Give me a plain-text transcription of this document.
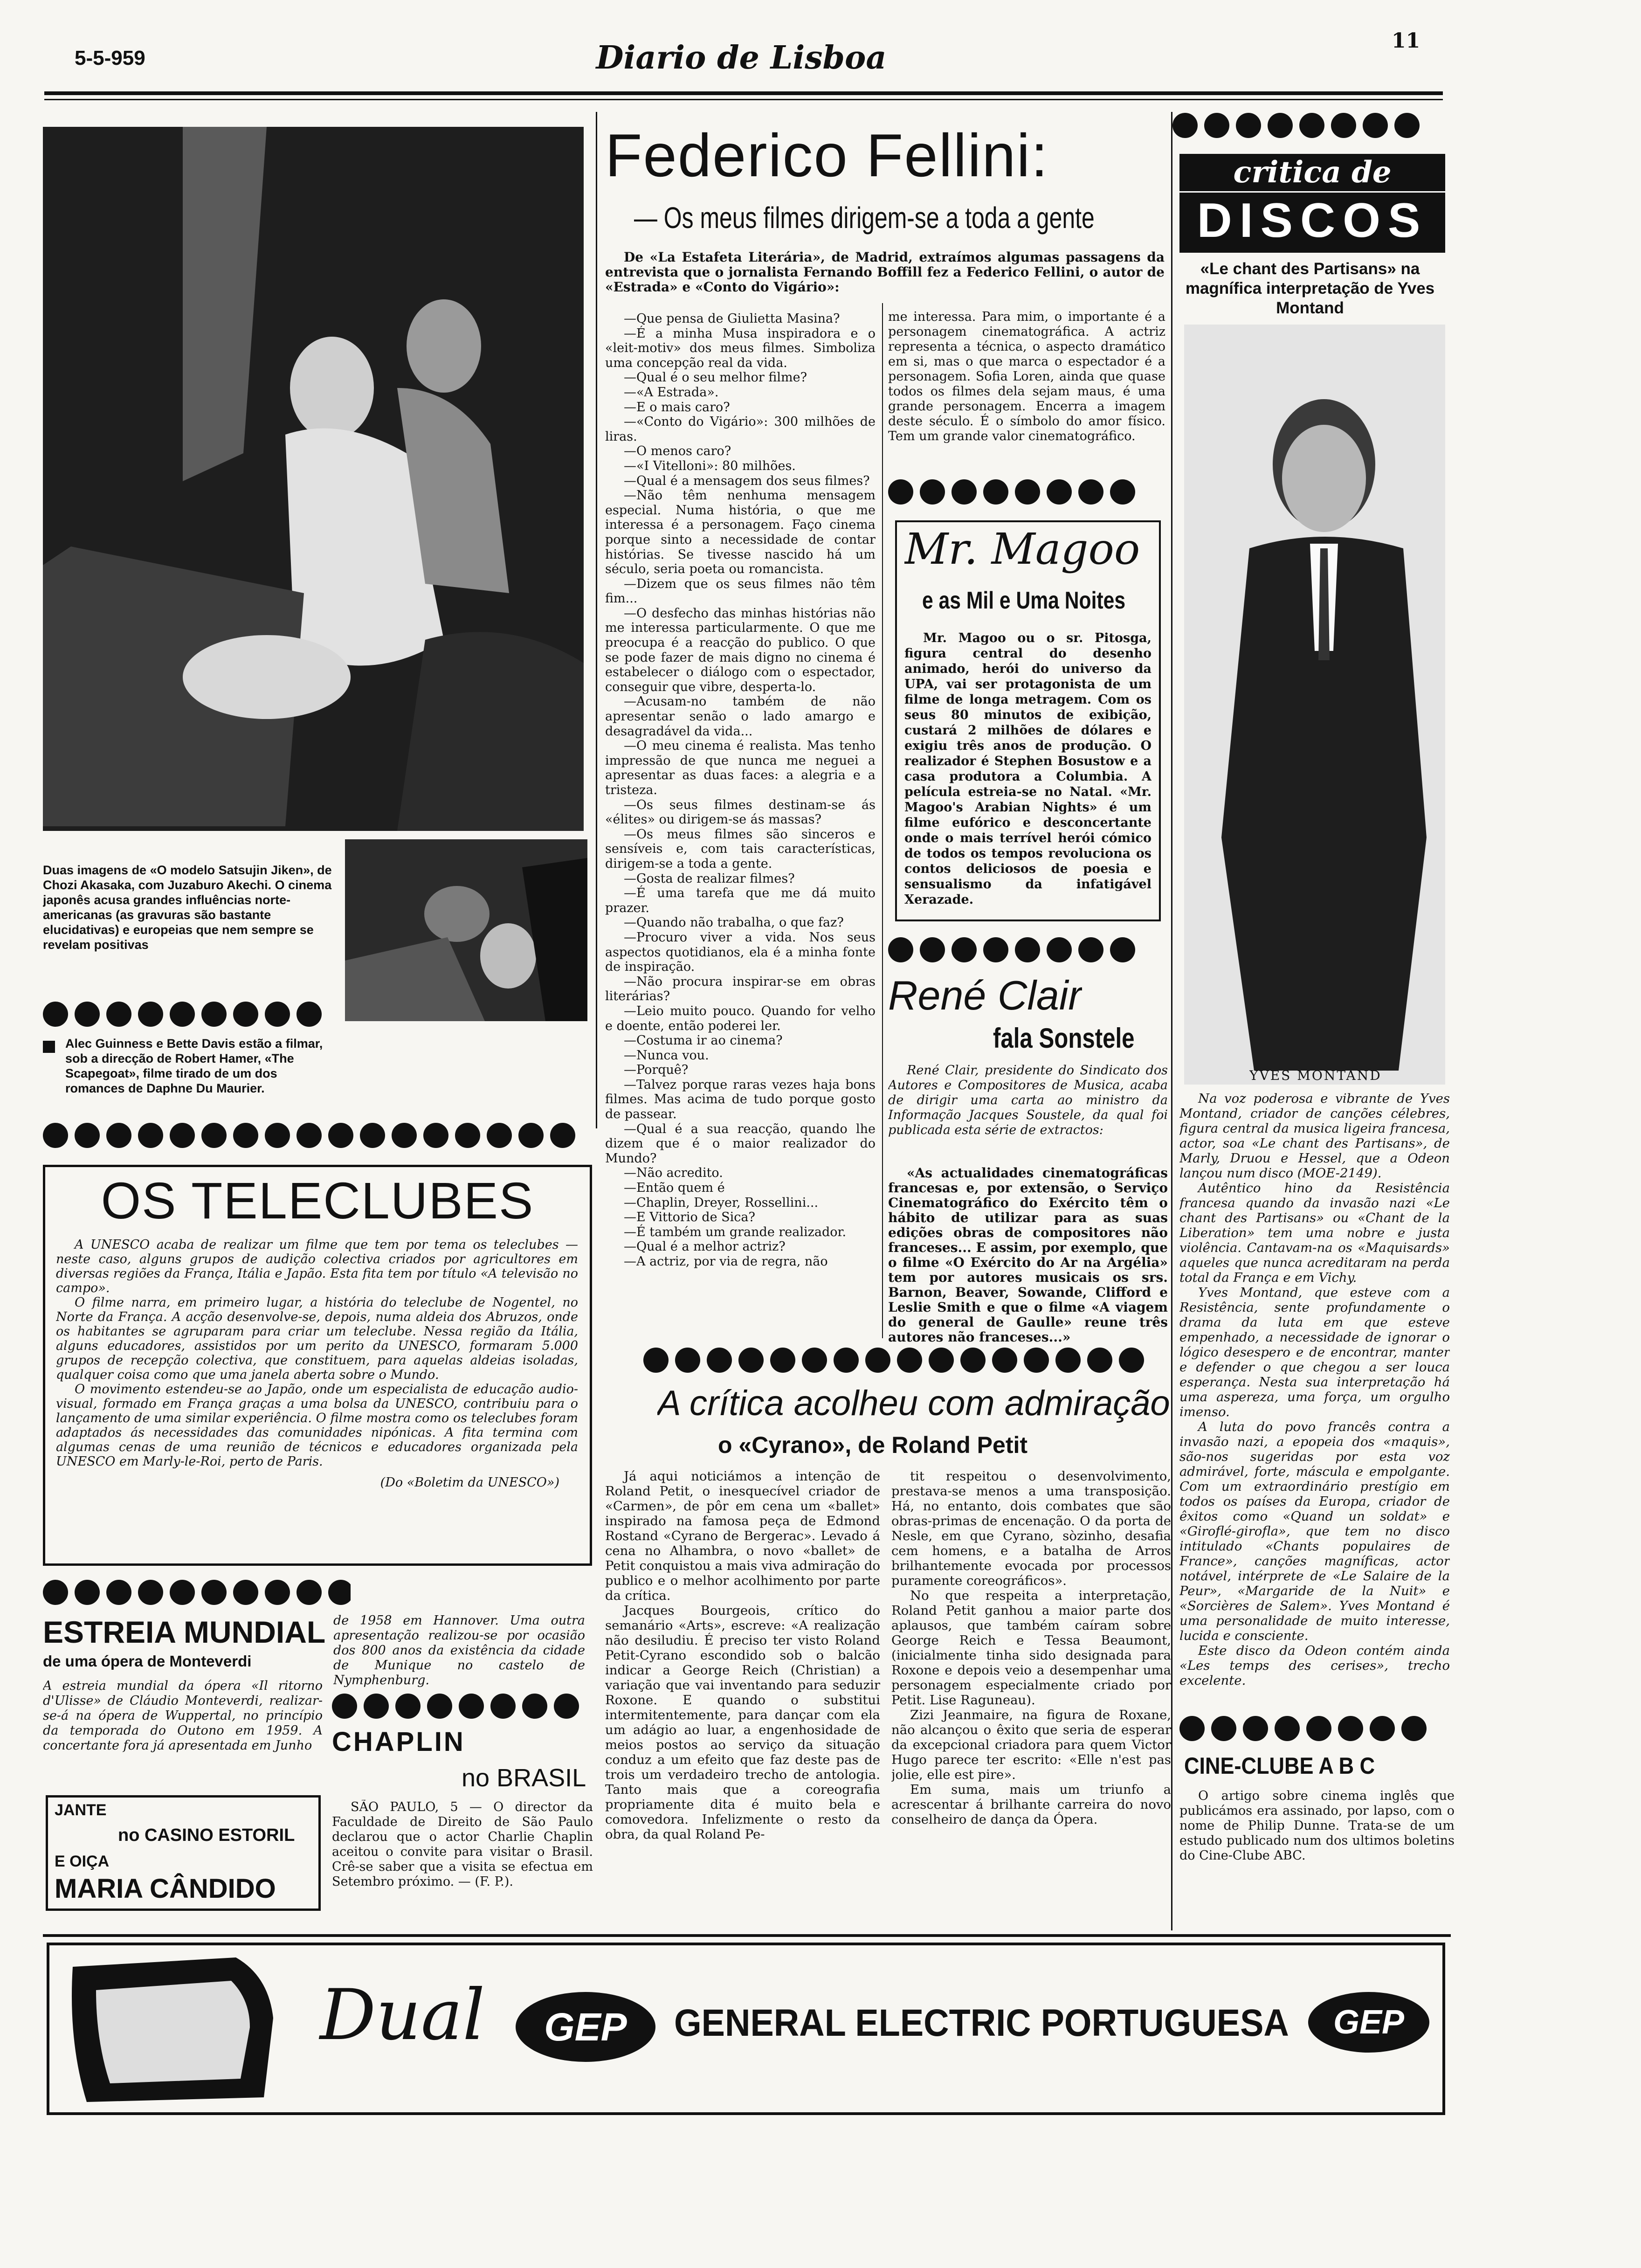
5-5-959	Diario de Lisboa	11
Duas imagens de «O modelo Satsujin Jiken», de Chozi Akasaka, com Juzaburo Akechi. O cinema japonês acusa grandes influências norte-americanas (as gravuras são bastante elucidativas) e europeias que nem sempre se revelam positivas
Alec Guinness e Bette Davis estão a filmar, sob a direcção de Robert Hamer, «The Scapegoat», filme tirado de um dos romances de Daphne Du Maurier.
OS TELECLUBES

A UNESCO acaba de realizar um filme que tem por tema os teleclubes — neste caso, alguns grupos de audição colectiva criados por agricultores em diversas regiões da França, Itália e Japão. Esta fita tem por título «A televisão no campo».

O filme narra, em primeiro lugar, a história do teleclube de Nogentel, no Norte da França. A acção desenvolve-se, depois, numa aldeia dos Abruzos, onde os habitantes se agruparam para criar um teleclube. Nessa região da Itália, alguns educadores, assistidos por um perito da UNESCO, formaram 5.000 grupos de recepção colectiva, que constituem, para aquelas aldeias isoladas, qualquer coisa como que uma janela aberta sobre o Mundo.

O movimento estendeu-se ao Japão, onde um especialista de educação audio-visual, formado em França graças a uma bolsa da UNESCO, contribuiu para o lançamento de uma similar experiência. O filme mostra como os teleclubes foram adaptados ás necessidades das comunidades nipónicas. A fita termina com algumas cenas de uma reunião de técnicos e educadores organizada pela UNESCO em Marly-le-Roi, perto de Paris.

(Do «Boletim da UNESCO»)
ESTREIA MUNDIAL
de uma ópera de Monteverdi
A estreia mundial da ópera «Il ritorno d'Ulisse» de Cláudio Monteverdi, realizar-se-á na ópera de Wuppertal, no princípio da temporada do Outono em 1959. A concertante fora já apresentada em Junho
de 1958 em Hannover. Uma outra apresentação realizou-se por ocasião dos 800 anos da existência da cidade de Munique no castelo de Nymphenburg.
JANTE
no CASINO ESTORIL
E OIÇA
MARIA CÂNDIDO
CHAPLIN
no BRASIL
SÃO PAULO, 5 — O director da Faculdade de Direito de São Paulo declarou que o actor Charlie Chaplin aceitou o convite para visitar o Brasil. Crê-se saber que a visita se efectua em Setembro próximo. — (F. P.).
Federico Fellini:
— Os meus filmes dirigem-se a toda a gente
De «La Estafeta Literária», de Madrid, extraímos algumas passagens da entrevista que o jornalista Fernando Boffill fez a Federico Fellini, o autor de «Estrada» e «Conto do Vigário»:

—Que pensa de Giulietta Masina?

—É a minha Musa inspiradora e o «leit-motiv» dos meus filmes. Simboliza uma concepção real da vida.

—Qual é o seu melhor filme?

—«A Estrada».

—E o mais caro?

—«Conto do Vigário»: 300 milhões de liras.

—O menos caro?

—«I Vitelloni»: 80 milhões.

—Qual é a mensagem dos seus filmes?

—Não têm nenhuma mensagem especial. Numa história, o que me interessa é a personagem. Faço cinema porque sinto a necessidade de contar histórias. Se tivesse nascido há um século, seria poeta ou romancista.

—Dizem que os seus filmes não têm fim...

—O desfecho das minhas histórias não me interessa particularmente. O que me preocupa é a reacção do publico. O que se pode fazer de mais digno no cinema é estabelecer o diálogo com o espectador, conseguir que vibre, desperta-lo.

—Acusam-no também de não apresentar senão o lado amargo e desagradável da vida...

—O meu cinema é realista. Mas tenho impressão de que nunca me neguei a apresentar as duas faces: a alegria e a tristeza.

—Os seus filmes destinam-se ás «élites» ou dirigem-se ás massas?

—Os meus filmes são sinceros e sensíveis e, com tais características, dirigem-se a toda a gente.

—Gosta de realizar filmes?

—É uma tarefa que me dá muito prazer.

—Quando não trabalha, o que faz?

—Procuro viver a vida. Nos seus aspectos quotidianos, ela é a minha fonte de inspiração.

—Não procura inspirar-se em obras literárias?

—Leio muito pouco. Quando for velho e doente, então poderei ler.

—Costuma ir ao cinema?

—Nunca vou.

—Porquê?

—Talvez porque raras vezes haja bons filmes. Mas acima de tudo porque gosto de passear.

—Qual é a sua reacção, quando lhe dizem que é o maior realizador do Mundo?

—Não acredito.

—Então quem é

—Chaplin, Dreyer, Rossellini...

—E Vittorio de Sica?

—É também um grande realizador.

—Qual é a melhor actriz?

—A actriz, por via de regra, não

me interessa. Para mim, o importante é a personagem cinematográfica. A actriz representa a técnica, o aspecto dramático em si, mas o que marca o espectador é a personagem. Sofia Loren, ainda que quase todos os filmes dela sejam maus, é uma grande personagem. Encerra a imagem deste século. É o símbolo do amor físico. Tem um grande valor cinematográfico.
Mr. Magoo
e as Mil e Uma Noites
Mr. Magoo ou o sr. Pitosga, figura central do desenho animado, herói do universo da UPA, vai ser protagonista de um filme de longa metragem. Com os seus 80 minutos de exibição, custará 2 milhões de dólares e exigiu três anos de produção. O realizador é Stephen Bosustow e a casa produtora a Columbia. A película estreia-se no Natal. «Mr. Magoo's Arabian Nights» é um filme eufórico e desconcertante onde o mais terrível herói cómico de todos os tempos revoluciona os contos deliciosos de poesia e sensualismo da infatigável Xerazade.
René Clair
fala Sonstele
René Clair, presidente do Sindicato dos Autores e Compositores de Musica, acaba de dirigir uma carta ao ministro da Informação Jacques Soustele, da qual foi publicada esta série de extractos:
«As actualidades cinematográficas francesas e, por extensão, o Serviço Cinematográfico do Exército têm o hábito de utilizar para as suas edições obras de compositores não franceses... E assim, por exemplo, que o filme «O Exército do Ar na Argélia» tem por autores musicais os srs. Barnon, Beaver, Sowande, Clifford e Leslie Smith e que o filme «A viagem do general de Gaulle» reune três autores não franceses...»
critica de
DISCOS
«Le chant des Partisans» na magnífica interpretação de Yves Montand
YVES MONTAND

Na voz poderosa e vibrante de Yves Montand, criador de canções célebres, figura central da musica ligeira francesa, actor, soa «Le chant des Partisans», de Marly, Druou e Hessel, que a Odeon lançou num disco (MOE-2149).

Autêntico hino da Resistência francesa quando da invasão nazi «Le chant des Partisans» ou «Chant de la Liberation» tem uma nobre e justa violência. Cantavam-na os «Maquisards» aqueles que nunca acreditaram na perda total da França e em Vichy.

Yves Montand, que esteve com a Resistência, sente profundamente o drama da luta em que esteve empenhado, a necessidade de ignorar o lógico desespero e de encontrar, manter e defender o que chegou a ser louca esperança. Nesta sua interpretação há uma aspereza, uma força, um orgulho imenso.

A luta do povo francês contra a invasão nazi, a epopeia dos «maquis», são-nos sugeridas por esta voz admirável, forte, máscula e empolgante. Com um extraordinário prestígio em todos os países da Europa, criador de êxitos como «Quand un soldat» e «Giroflé-girofla», que tem no disco intitulado «Chants populaires de France», canções magníficas, actor notável, intérprete de «Le Salaire de la Peur», «Margaride de la Nuit» e «Sorcières de Salem». Yves Montand é uma personalidade de muito interesse, lucida e consciente.

Este disco da Odeon contém ainda «Les temps des cerises», trecho excelente.

CINE-CLUBE A B C
O artigo sobre cinema inglês que publicámos era assinado, por lapso, com o nome de Philip Dunne. Trata-se de um estudo publicado num dos ultimos boletins do Cine-Clube ABC.
A crítica acolheu com admiração
o «Cyrano», de Roland Petit

Já aqui noticiámos a intenção de Roland Petit, o inesquecível criador de «Carmen», de pôr em cena um «ballet» inspirado na famosa peça de Edmond Rostand «Cyrano de Bergerac». Levado á cena no Alhambra, o novo «ballet» de Petit conquistou a mais viva admiração do publico e o melhor acolhimento por parte da crítica.

Jacques Bourgeois, crítico do semanário «Arts», escreve: «A realização não desiludiu. É preciso ter visto Roland Petit-Cyrano escondido sob o balcão indicar a George Reich (Christian) a variação que vai inventando para seduzir Roxone. E quando o substitui intermitentemente, para dançar com ela um adágio ao luar, a engenhosidade de meios postos ao serviço da situação conduz a um efeito que faz deste pas de trois um verdadeiro trecho de antologia. Tanto mais que a coreografia propriamente dita é muito bela e comovedora. Infelizmente o resto da obra, da qual Roland Pe-

tit respeitou o desenvolvimento, prestava-se menos a uma transposição. Há, no entanto, dois combates que são obras-primas de encenação. O da porta de Nesle, em que Cyrano, sòzinho, desafia cem homens, e a batalha de Arros brilhantemente evocada por processos puramente coreográficos».

No que respeita a interpretação, Roland Petit ganhou a maior parte dos aplausos, que também caíram sobre George Reich e Tessa Beaumont, (inicialmente tinha sido designada para Roxone e depois veio a desempenhar uma personagem especialmente criado por Petit. Lise Raguneau).

Zizi Jeanmaire, na figura de Roxane, não alcançou o êxito que seria de esperar da excepcional criadora para quem Victor Hugo parece ter escrito: «Elle n'est pas jolie, elle est pire».

Em suma, mais um triunfo a acrescentar á brilhante carreira do novo conselheiro de dança da Ópera.

Dual	GEP	GENERAL ELECTRIC PORTUGUESA	GEP
